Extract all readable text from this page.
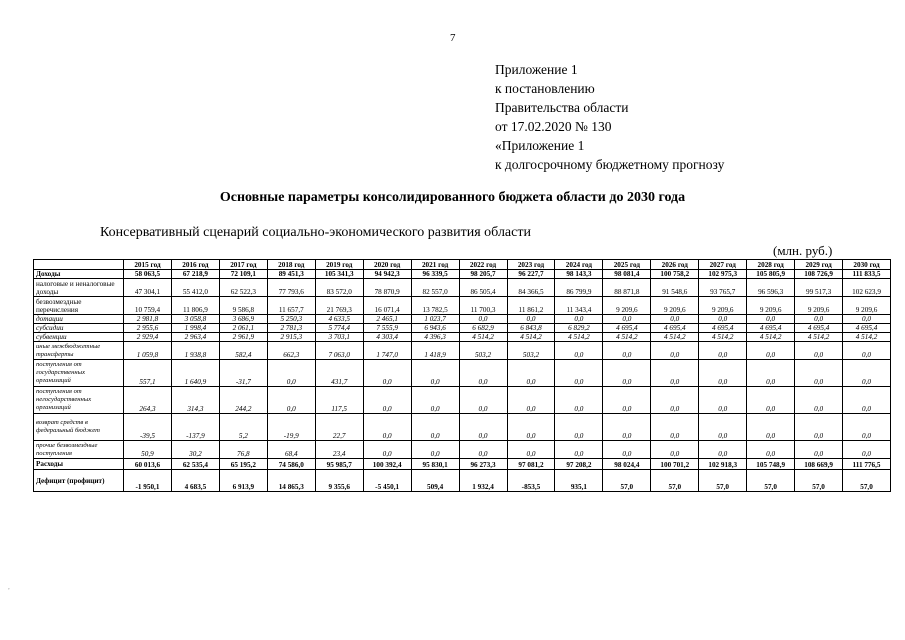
7
Приложение 1
к постановлению
Правительства области
от 17.02.2020 № 130
«Приложение 1
к долгосрочному бюджетному прогнозу
Основные параметры консолидированного бюджета области до 2030 года
Консервативный сценарий социально-экономического развития области
(млн. руб.)
	2015 год	2016 год	2017 год	2018 год	2019 год	2020 год	2021 год	2022 год	2023 год	2024 год	2025 год	2026 год	2027 год	2028 год	2029 год	2030 год
Доходы	58 063,5	67 218,9	72 109,1	89 451,3	105 341,3	94 942,3	96 339,5	98 205,7	96 227,7	98 143,3	98 081,4	100 758,2	102 975,3	105 805,9	108 726,9	111 833,5
налоговые и неналоговые доходы	47 304,1	55 412,0	62 522,3	77 793,6	83 572,0	78 870,9	82 557,0	86 505,4	84 366,5	86 799,9	88 871,8	91 548,6	93 765,7	96 596,3	99 517,3	102 623,9
безвозмездные перечисления	10 759,4	11 806,9	9 586,8	11 657,7	21 769,3	16 071,4	13 782,5	11 700,3	11 861,2	11 343,4	9 209,6	9 209,6	9 209,6	9 209,6	9 209,6	9 209,6
дотации	2 981,8	3 058,8	3 686,9	5 250,3	4 633,5	2 465,1	1 023,7	0,0	0,0	0,0	0,0	0,0	0,0	0,0	0,0	0,0
субсидии	2 955,6	1 998,4	2 061,1	2 781,3	5 774,4	7 555,9	6 943,6	6 682,9	6 843,8	6 829,2	4 695,4	4 695,4	4 695,4	4 695,4	4 695,4	4 695,4
субвенции	2 929,4	2 963,4	2 961,9	2 915,3	3 703,1	4 303,4	4 396,3	4 514,2	4 514,2	4 514,2	4 514,2	4 514,2	4 514,2	4 514,2	4 514,2	4 514,2
иные межбюджетные трансферты	1 059,8	1 938,8	582,4	662,3	7 063,0	1 747,0	1 418,9	503,2	503,2	0,0	0,0	0,0	0,0	0,0	0,0	0,0
поступления от государственных организаций	557,1	1 640,9	-31,7	0,0	431,7	0,0	0,0	0,0	0,0	0,0	0,0	0,0	0,0	0,0	0,0	0,0
поступления от негосударственных организаций	264,3	314,3	244,2	0,0	117,5	0,0	0,0	0,0	0,0	0,0	0,0	0,0	0,0	0,0	0,0	0,0
возврат средств в федеральный бюджет	-39,5	-137,9	5,2	-19,9	22,7	0,0	0,0	0,0	0,0	0,0	0,0	0,0	0,0	0,0	0,0	0,0
прочие безвозмездные поступления	50,9	30,2	76,8	68,4	23,4	0,0	0,0	0,0	0,0	0,0	0,0	0,0	0,0	0,0	0,0	0,0
Расходы	60 013,6	62 535,4	65 195,2	74 586,0	95 985,7	100 392,4	95 830,1	96 273,3	97 081,2	97 208,2	98 024,4	100 701,2	102 918,3	105 748,9	108 669,9	111 776,5
Дефицит (профицит)	-1 950,1	4 683,5	6 913,9	14 865,3	9 355,6	-5 450,1	509,4	1 932,4	-853,5	935,1	57,0	57,0	57,0	57,0	57,0	57,0
,
